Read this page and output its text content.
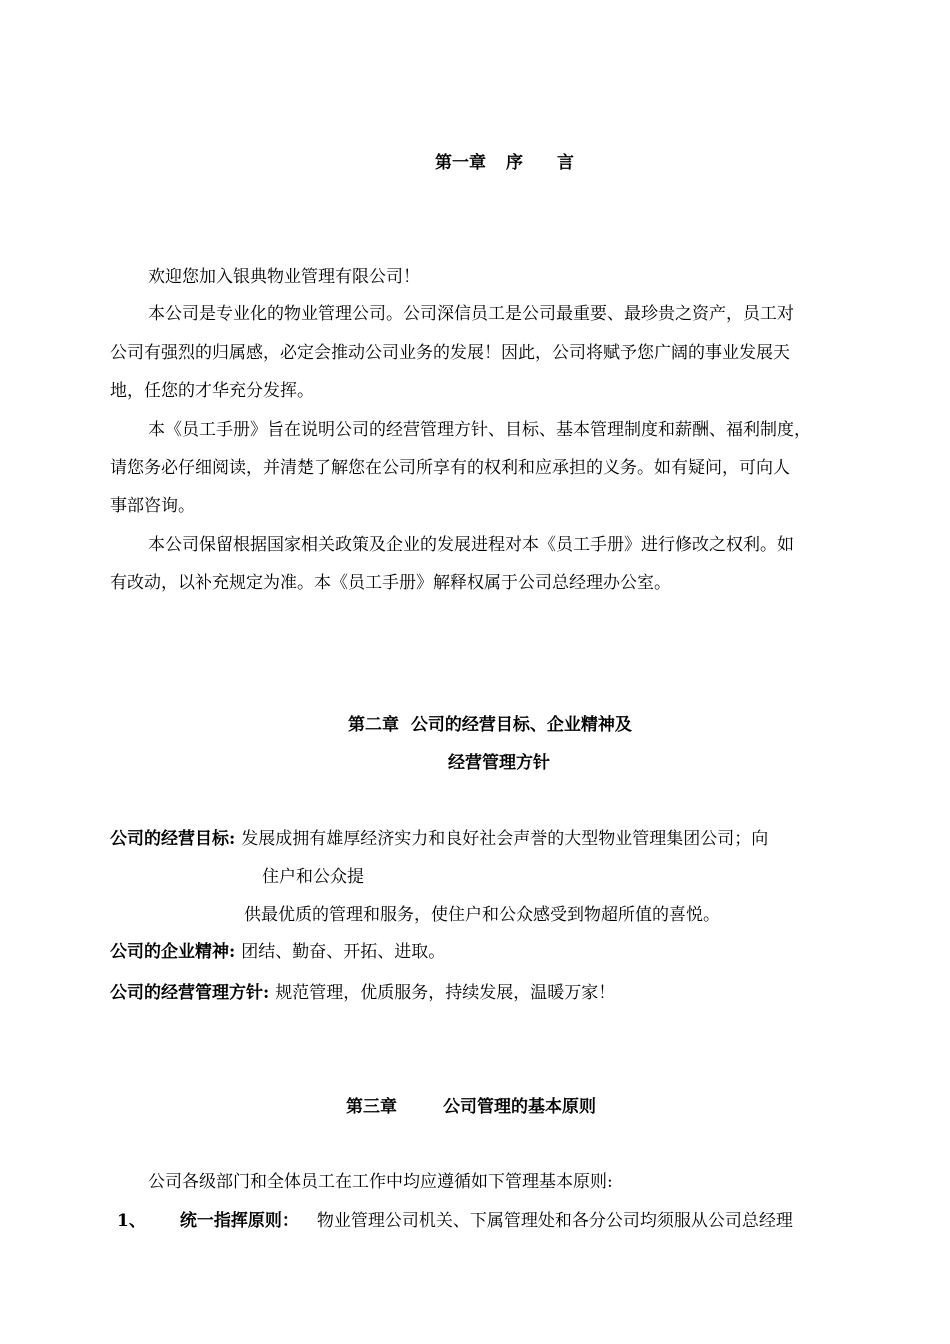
第一章 序 言
欢迎您加入银典物业管理有限公司！
本公司是专业化的物业管理公司。公司深信员工是公司最重要、最珍贵之资产，员工对
公司有强烈的归属感，必定会推动公司业务的发展！因此，公司将赋予您广阔的事业发展天
地，任您的才华充分发挥。
本《员工手册》旨在说明公司的经营管理方针、目标、基本管理制度和薪酬、福利制度，
请您务必仔细阅读，并清楚了解您在公司所享有的权利和应承担的义务。如有疑问，可向人
事部咨询。
本公司保留根据国家相关政策及企业的发展进程对本《员工手册》进行修改之权利。如
有改动，以补充规定为准。本《员工手册》解释权属于公司总经理办公室。
第二章  公司的经营目标、企业精神及
经营管理方针
公司的经营目标: 发展成拥有雄厚经济实力和良好社会声誉的大型物业管理集团公司；向
住户和公众提
供最优质的管理和服务，使住户和公众感受到物超所值的喜悦。
公司的企业精神: 团结、勤奋、开拓、进取。
公司的经营管理方针: 规范管理，优质服务，持续发展，温暖万家！
第三章	公司管理的基本原则
公司各级部门和全体员工在工作中均应遵循如下管理基本原则:
1、 统一指挥原则： 物业管理公司机关、下属管理处和各分公司均须服从公司总经理
